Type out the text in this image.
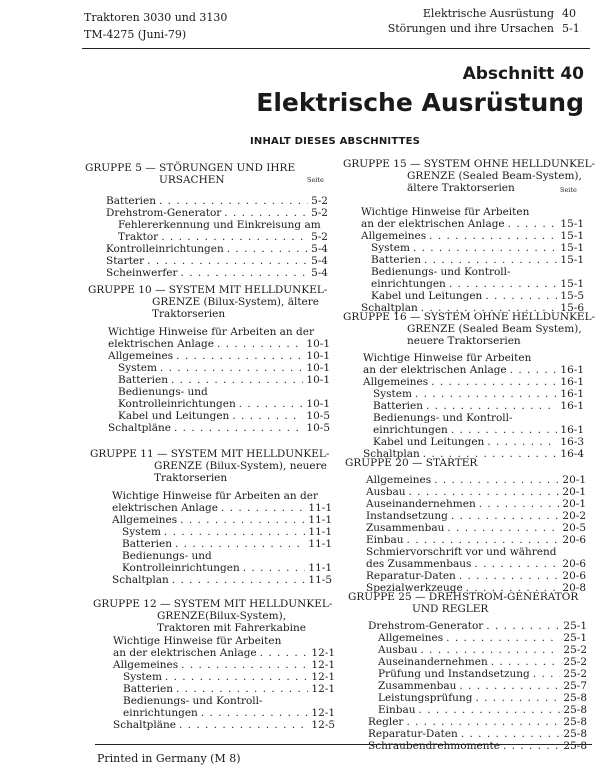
Traktoren 3030 und 3130
TM-4275 (Juni-79)
Elektrische Ausrüstung 40
Störungen und ihre Ursachen 5-1
Abschnitt 40
Elektrische Ausrüstung
INHALT DIESES ABSCHNITTES
GRUPPE 5 — STÖRUNGEN UND IHRE
URSACHEN	Seite
Batterien . . .	5-2
Drehstrom-Generator . . .	5-2
Fehlererkennung und Einkreisung am
Traktor . . .	5-2
Kontrolleinrichtungen . . .	5-4
Starter . . .	5-4
Scheinwerfer . . .	5-4
GRUPPE 10 — SYSTEM MIT HELLDUNKEL-
GRENZE (Bilux-System), ältere
Traktorserien
Wichtige Hinweise für Arbeiten an der
elektrischen Anlage . . .	10-1
Allgemeines . . .	10-1
System . . .	10-1
Batterien . . .	10-1
Bedienungs- und
Kontrolleinrichtungen . . .	10-1
Kabel und Leitungen . . .	10-5
Schaltpläne . . .	10-5
GRUPPE 11 — SYSTEM MIT HELLDUNKEL-
GRENZE (Bilux-System), neuere
Traktorserien
Wichtige Hinweise für Arbeiten an der
elektrischen Anlage . . .	11-1
Allgemeines . . .	11-1
System . . .	11-1
Batterien . . .	11-1
Bedienungs- und
Kontrolleinrichtungen . . .	11-1
Schaltplan . . .	11-5
GRUPPE 12 — SYSTEM MIT HELLDUNKEL-
GRENZE(Bilux-System),
Traktoren mit Fahrerkabine
Wichtige Hinweise für Arbeiten
an der elektrischen Anlage . . .	12-1
Allgemeines . . .	12-1
System . . .	12-1
Batterien . . .	12-1
Bedienungs- und Kontroll-
einrichtungen . . .	12-1
Schaltpläne . . .	12-5
GRUPPE 15 — SYSTEM OHNE HELLDUNKEL-
GRENZE (Sealed Beam-System),
ältere Traktorserien	Seite
Wichtige Hinweise für Arbeiten
an der elektrischen Anlage . . .	15-1
Allgemeines . . .	15-1
System . . .	15-1
Batterien . . .	15-1
Bedienungs- und Kontroll-
einrichtungen . . .	15-1
Kabel und Leitungen . . .	15-5
Schaltplan . . .	15-6
GRUPPE 16 — SYSTEM OHNE HELLDUNKEL-
GRENZE (Sealed Beam System),
neuere Traktorserien
Wichtige Hinweise für Arbeiten
an der elektrischen Anlage . . .	16-1
Allgemeines . . .	16-1
System . . .	16-1
Batterien . . .	16-1
Bedienungs- und Kontroll-
einrichtungen . . .	16-1
Kabel und Leitungen . . .	16-3
Schaltplan . . .	16-4
GRUPPE 20 — STARTER
Allgemeines . . .	20-1
Ausbau . . .	20-1
Auseinandernehmen . . .	20-1
Instandsetzung . . .	20-2
Zusammenbau . . .	20-5
Einbau . . .	20-6
Schmiervorschrift vor und während
des Zusammenbaus . . .	20-6
Reparatur-Daten . . .	20-6
Spezialwerkzeuge . . .	20-8
GRUPPE 25 — DREHSTROM-GENERATOR
UND REGLER
Drehstrom-Generator . . .	25-1
Allgemeines . . .	25-1
Ausbau . . .	25-2
Auseinandernehmen . . .	25-2
Prüfung und Instandsetzung . . .	25-2
Zusammenbau . . .	25-7
Leistungsprüfung . . .	25-8
Einbau . . .	25-8
Regler . . .	25-8
Reparatur-Daten . . .	25-8
Schraubendrehmomente . . .	25-8
Printed in Germany (M 8)
